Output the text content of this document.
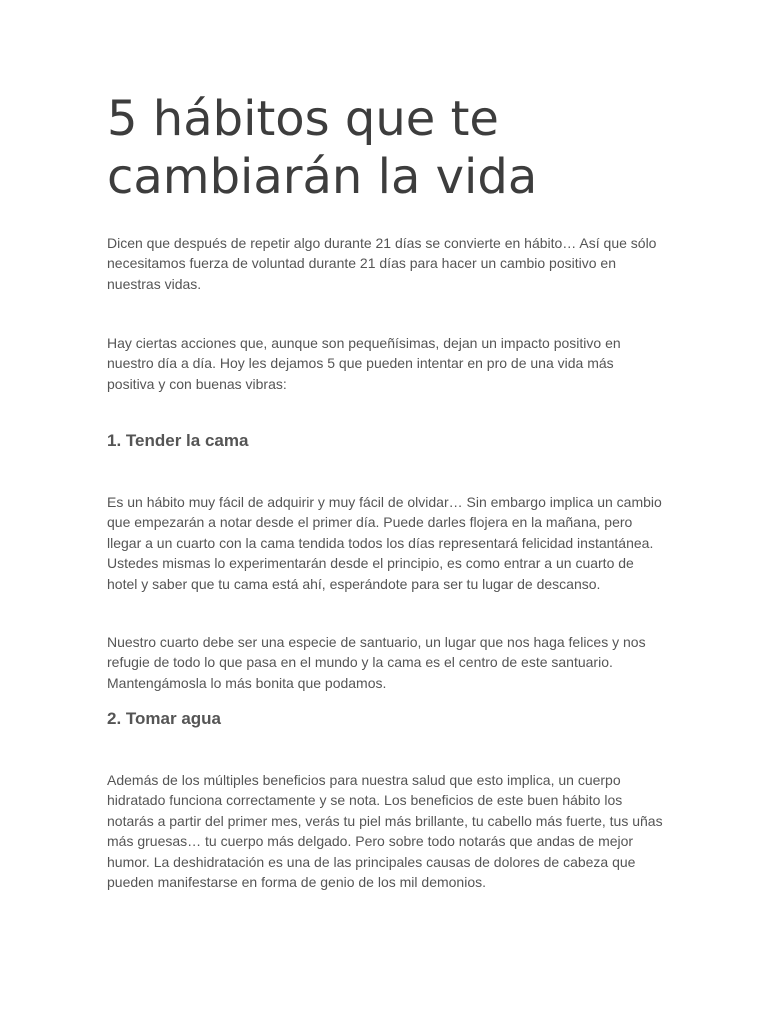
5 hábitos que te cambiarán la vida

Dicen que después de repetir algo durante 21 días se convierte en hábito… Así que sólo necesitamos fuerza de voluntad durante 21 días para hacer un cambio positivo en nuestras vidas.

Hay ciertas acciones que, aunque son pequeñísimas, dejan un impacto positivo en nuestro día a día. Hoy les dejamos 5 que pueden intentar en pro de una vida más positiva y con buenas vibras:

1. Tender la cama

Es un hábito muy fácil de adquirir y muy fácil de olvidar… Sin embargo implica un cambio que empezarán a notar desde el primer día. Puede darles flojera en la mañana, pero llegar a un cuarto con la cama tendida todos los días representará felicidad instantánea. Ustedes mismas lo experimentarán desde el principio, es como entrar a un cuarto de hotel y saber que tu cama está ahí, esperándote para ser tu lugar de descanso.

Nuestro cuarto debe ser una especie de santuario, un lugar que nos haga felices y nos refugie de todo lo que pasa en el mundo y la cama es el centro de este santuario. Mantengámosla lo más bonita que podamos.

2. Tomar agua

Además de los múltiples beneficios para nuestra salud que esto implica, un cuerpo hidratado funciona correctamente y se nota. Los beneficios de este buen hábito los notarás a partir del primer mes, verás tu piel más brillante, tu cabello más fuerte, tus uñas más gruesas… tu cuerpo más delgado. Pero sobre todo notarás que andas de mejor humor. La deshidratación es una de las principales causas de dolores de cabeza que pueden manifestarse en forma de genio de los mil demonios.
